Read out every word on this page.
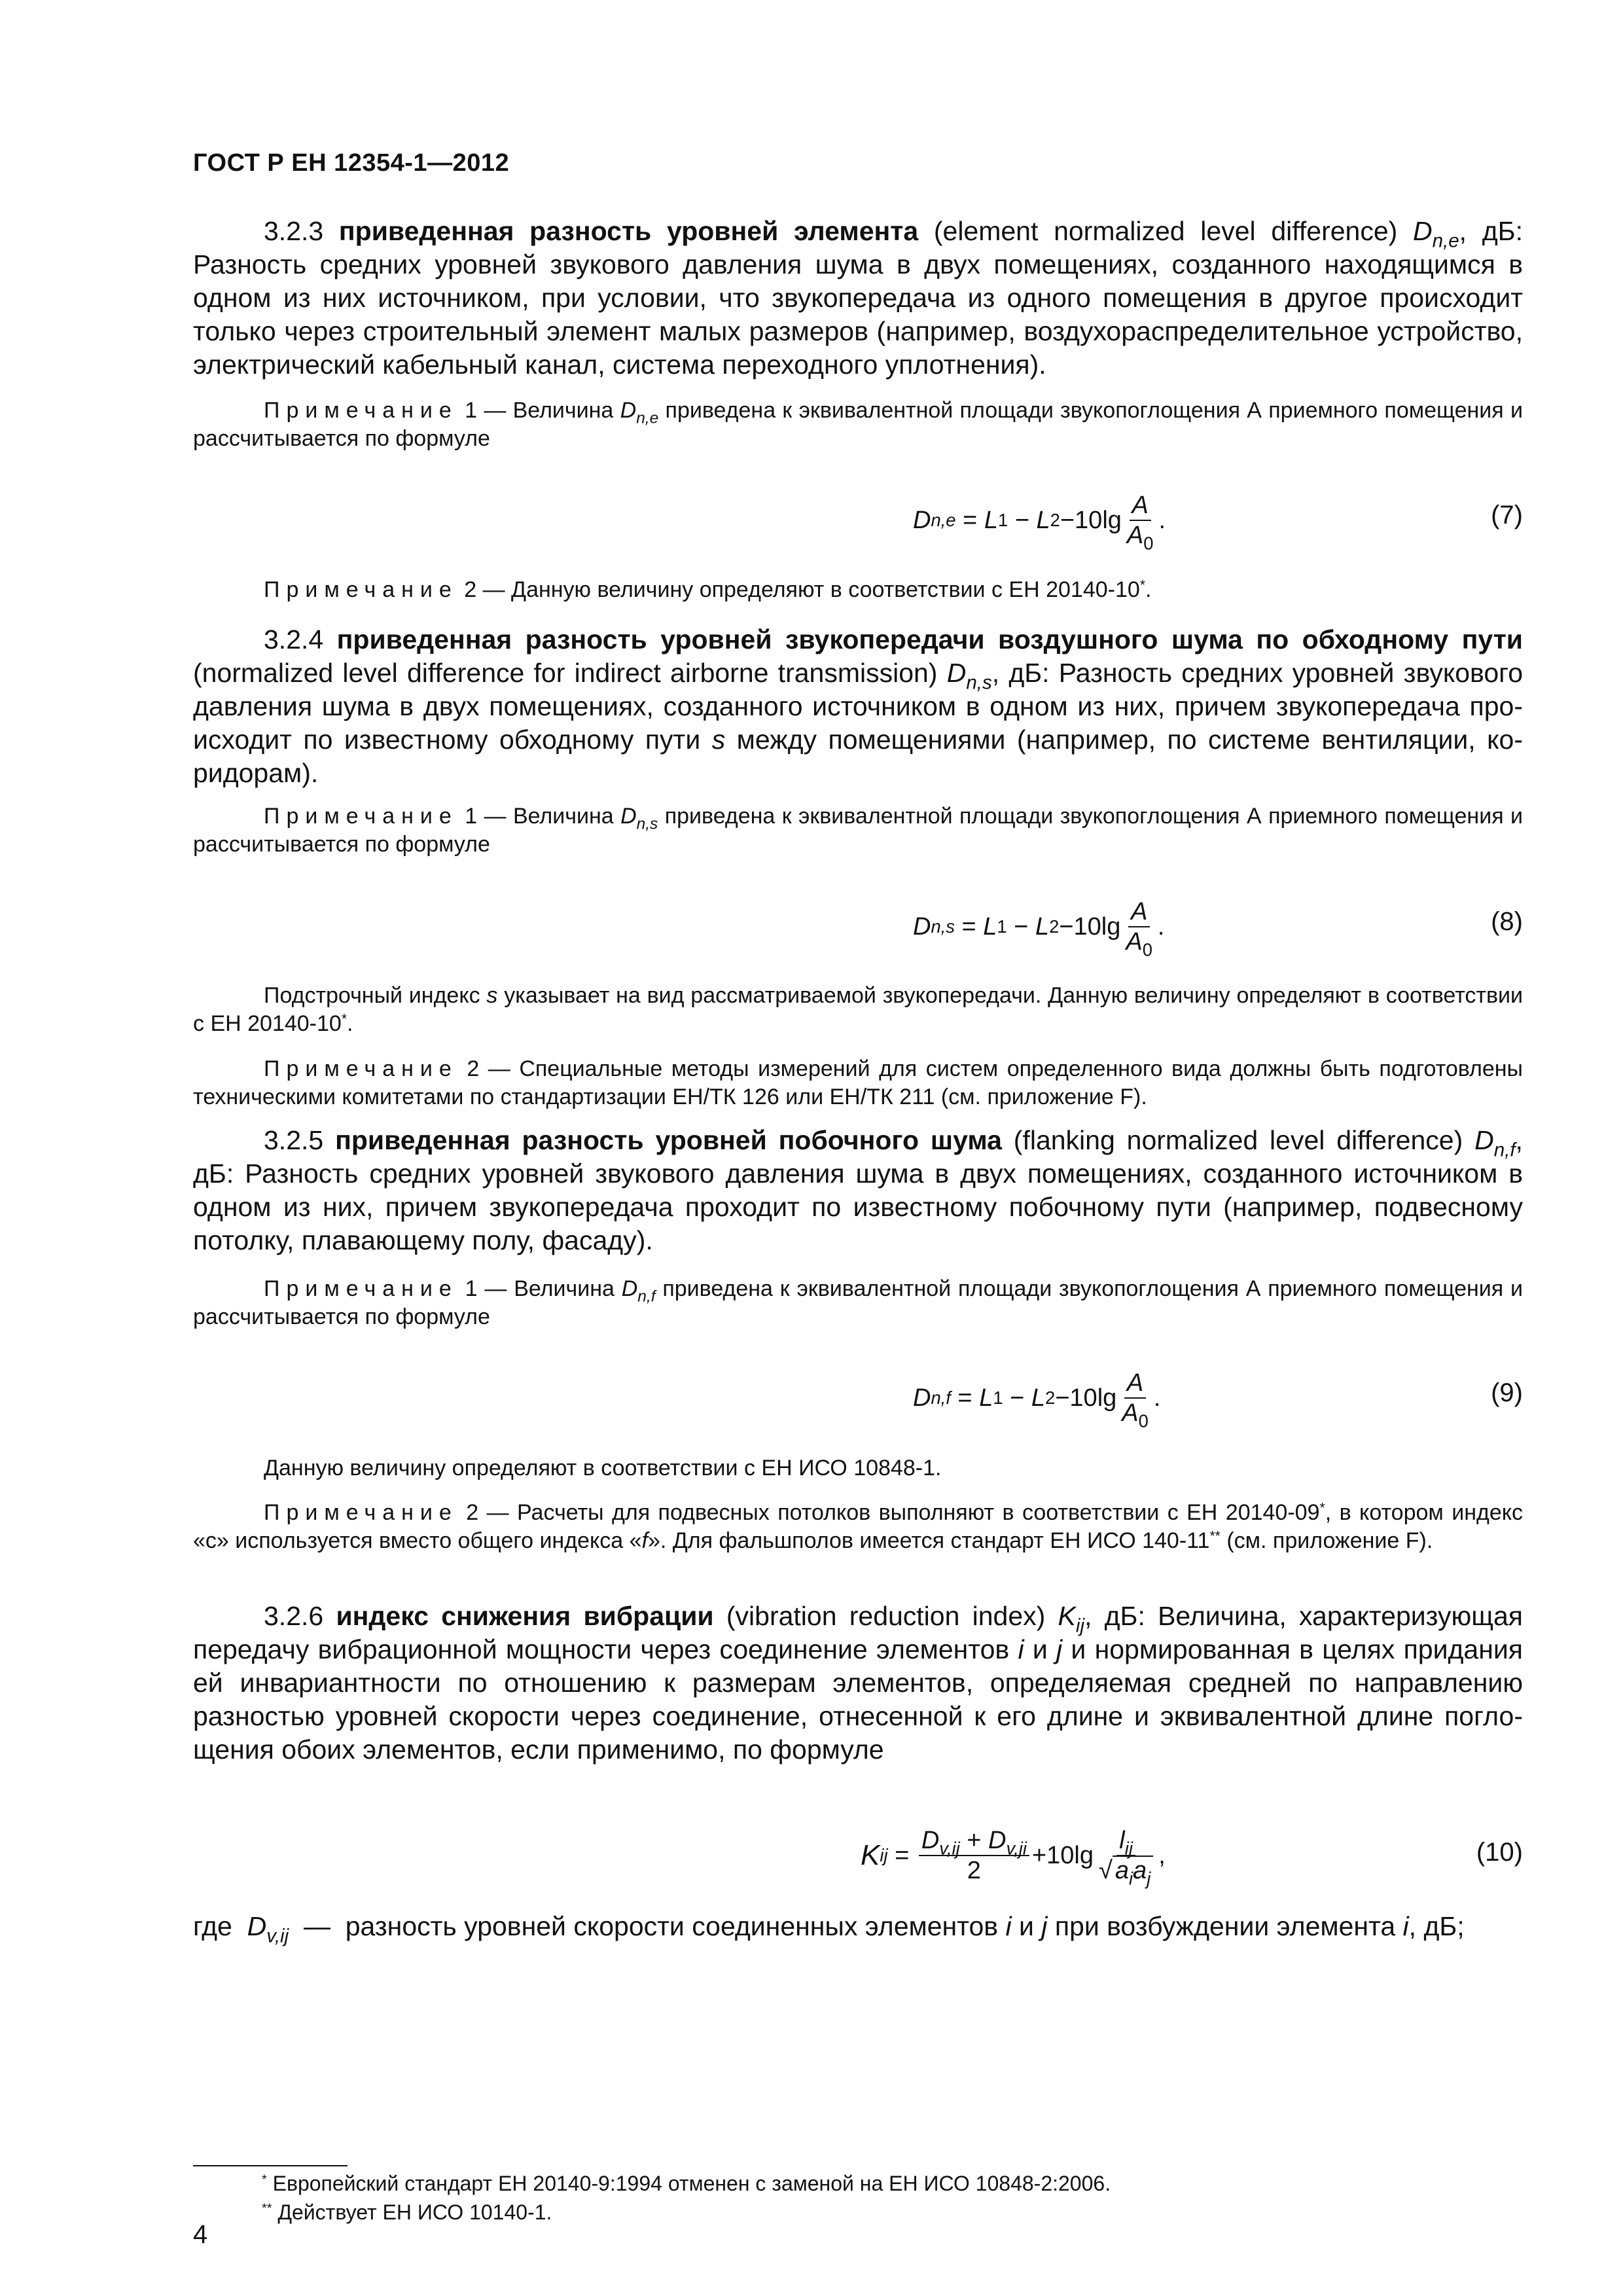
ГОСТ Р ЕН 12354-1—2012

3.2.3 приведенная разность уровней элемента (element normalized level difference) $D_{n,e}$, дБ: Разность средних уровней звукового давления шума в двух помещениях, созданного находящимся в одном из них источником, при условии, что звукопередача из одного помещения в другое происходит только через строительный элемент малых размеров (например, воздухораспределительное устройство, электрический кабельный канал, система переходного уплотнения).

Примечание 1 — Величина $D_{n,e}$ приведена к эквивалентной площади звукопоглощения А приемного помещения и рассчитывается по формуле

D n,e = L 1 − L $2 - 10\lg \frac{A}{A_0}$ .	(7)

Примечание 2 — Данную величину определяют в соответствии с ЕН 20140-10*.

3.2.4 приведенная разность уровней звукопередачи воздушного шума по обходному пути (normalized level difference for indirect airborne transmission) $D_{n,s}$, дБ: Разность средних уровней звукового давления шума в двух помещениях, созданного источником в одном из них, причем звукопередача происходит по известному обходному пути s между помещениями (например, по системе вентиляции, коридорам).

Примечание 1 — Величина $D_{n,s}$ приведена к эквивалентной площади звукопоглощения А приемного помещения и рассчитывается по формуле

D n,s = L 1 − L $2 - 10\lg \frac{A}{A_0}$ .	(8)

Подстрочный индекс s указывает на вид рассматриваемой звукопередачи. Данную величину определяют в соответствии с ЕН 20140-10*.

Примечание 2 — Специальные методы измерений для систем определенного вида должны быть подготовлены техническими комитетами по стандартизации ЕН/ТК 126 или ЕН/ТК 211 (см. приложение F).

3.2.5 приведенная разность уровней побочного шума (flanking normalized level difference) $D_{n,f}$, дБ: Разность средних уровней звукового давления шума в двух помещениях, созданного источником в одном из них, причем звукопередача проходит по известному побочному пути (например, подвесному потолку, плавающему полу, фасаду).

Примечание 1 — Величина $D_{n,f}$ приведена к эквивалентной площади звукопоглощения А приемного помещения и рассчитывается по формуле

D n,f = L 1 − L $2 - 10\lg \frac{A}{A_0}$ .	(9)

Данную величину определяют в соответствии с ЕН ИСО 10848-1.

Примечание 2 — Расчеты для подвесных потолков выполняют в соответствии с ЕН 20140-09*, в котором индекс «с» используется вместо общего индекса «f». Для фальшполов имеется стандарт ЕН ИСО 140-11** (см. приложение F).

3.2.6 индекс снижения вибрации (vibration reduction index) $K_{ij}$, дБ: Величина, характеризующая передачу вибрационной мощности через соединение элементов i и j и нормированная в целях придания ей инвариантности по отношению к размерам элементов, определяемая средней по направлению разностью уровней скорости через соединение, отнесенной к его длине и эквивалентной длине поглощения обоих элементов, если применимо, по формуле

K ij = $\frac{D_{v,ij} + D_{v,ji}}{2} + 10\lg \frac{l_{ij}}{√ a_ia_j}$ ,	(10)
где $D_{v,ij}$ — разность уровней скорости соединенных элементов i и j при возбуждении элемента i, дБ;
* Европейский стандарт ЕН 20140-9:1994 отменен с заменой на ЕН ИСО 10848-2:2006.
** Действует ЕН ИСО 10140-1.
4
